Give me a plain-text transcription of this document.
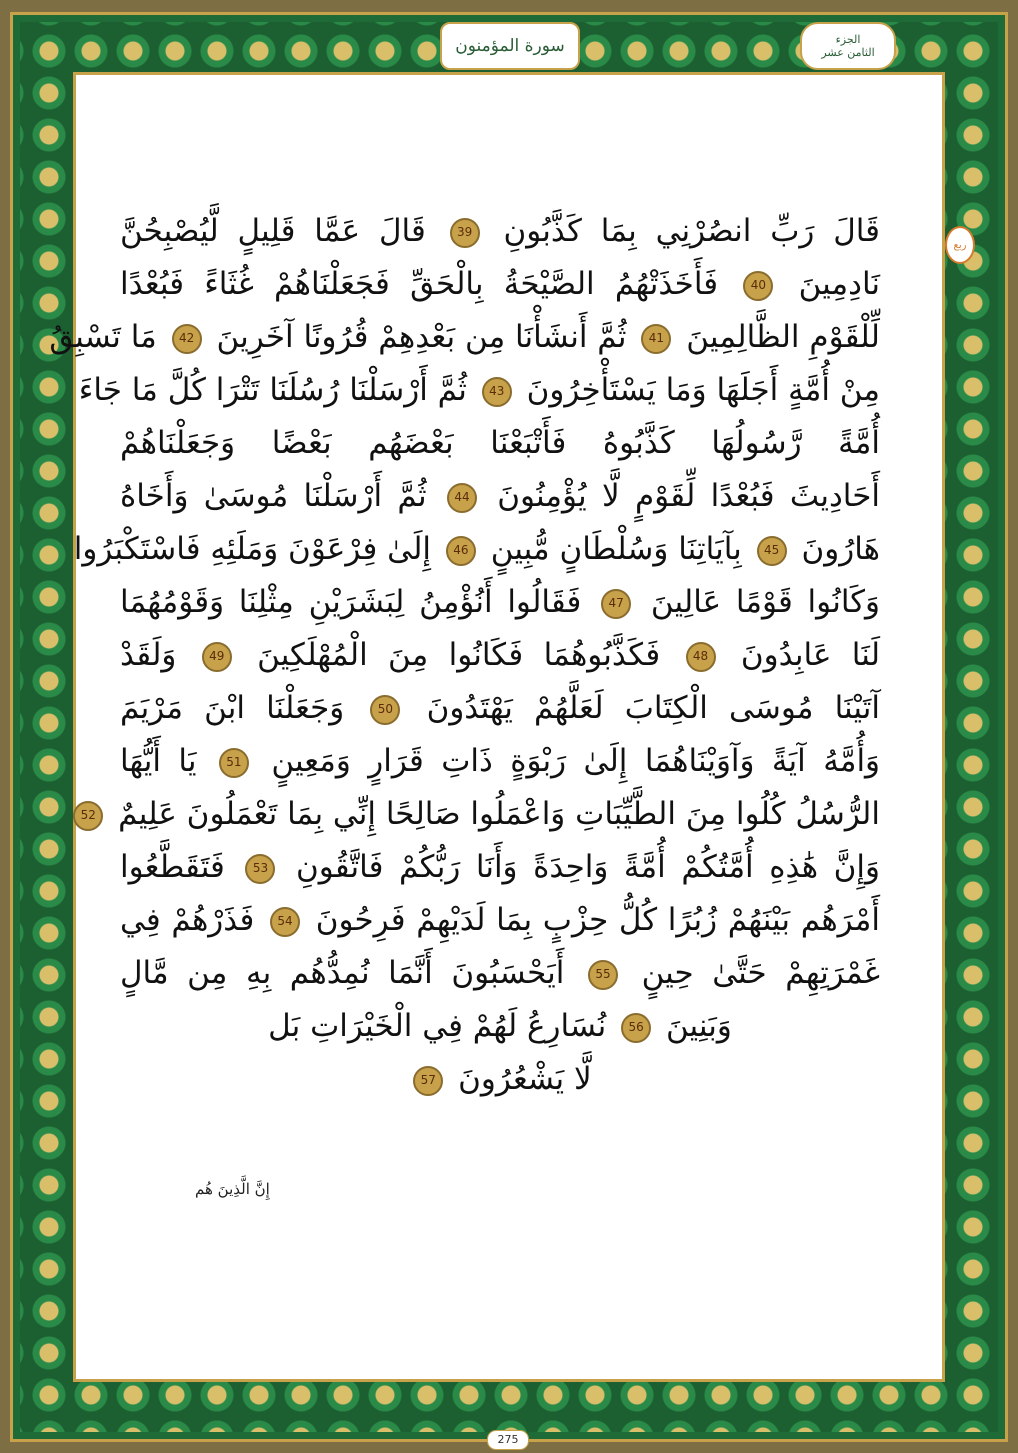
الجزء
الثامن عشر
سورة المؤمنون
ربع
قَالَ رَبِّ انصُرْنِي بِمَا كَذَّبُونِ 39 قَالَ عَمَّا قَلِيلٍ لَّيُصْبِحُنَّ
نَادِمِينَ 40 فَأَخَذَتْهُمُ الصَّيْحَةُ بِالْحَقِّ فَجَعَلْنَاهُمْ غُثَاءً فَبُعْدًا
لِّلْقَوْمِ الظَّالِمِينَ 41 ثُمَّ أَنشَأْنَا مِن بَعْدِهِمْ قُرُونًا آخَرِينَ 42 مَا تَسْبِقُ
مِنْ أُمَّةٍ أَجَلَهَا وَمَا يَسْتَأْخِرُونَ 43 ثُمَّ أَرْسَلْنَا رُسُلَنَا تَتْرَا كُلَّ مَا جَاءَ
أُمَّةً رَّسُولُهَا كَذَّبُوهُ فَأَتْبَعْنَا بَعْضَهُم بَعْضًا وَجَعَلْنَاهُمْ
أَحَادِيثَ فَبُعْدًا لِّقَوْمٍ لَّا يُؤْمِنُونَ 44 ثُمَّ أَرْسَلْنَا مُوسَىٰ وَأَخَاهُ
هَارُونَ 45 بِآيَاتِنَا وَسُلْطَانٍ مُّبِينٍ 46 إِلَىٰ فِرْعَوْنَ وَمَلَئِهِ فَاسْتَكْبَرُوا
وَكَانُوا قَوْمًا عَالِينَ 47 فَقَالُوا أَنُؤْمِنُ لِبَشَرَيْنِ مِثْلِنَا وَقَوْمُهُمَا
لَنَا عَابِدُونَ 48 فَكَذَّبُوهُمَا فَكَانُوا مِنَ الْمُهْلَكِينَ 49 وَلَقَدْ
آتَيْنَا مُوسَى الْكِتَابَ لَعَلَّهُمْ يَهْتَدُونَ 50 وَجَعَلْنَا ابْنَ مَرْيَمَ
وَأُمَّهُ آيَةً وَآوَيْنَاهُمَا إِلَىٰ رَبْوَةٍ ذَاتِ قَرَارٍ وَمَعِينٍ 51 يَا أَيُّهَا
الرُّسُلُ كُلُوا مِنَ الطَّيِّبَاتِ وَاعْمَلُوا صَالِحًا إِنِّي بِمَا تَعْمَلُونَ عَلِيمٌ 52
وَإِنَّ هَٰذِهِ أُمَّتُكُمْ أُمَّةً وَاحِدَةً وَأَنَا رَبُّكُمْ فَاتَّقُونِ 53 فَتَقَطَّعُوا
أَمْرَهُم بَيْنَهُمْ زُبُرًا كُلُّ حِزْبٍ بِمَا لَدَيْهِمْ فَرِحُونَ 54 فَذَرْهُمْ فِي
غَمْرَتِهِمْ حَتَّىٰ حِينٍ 55 أَيَحْسَبُونَ أَنَّمَا نُمِدُّهُم بِهِ مِن مَّالٍ
وَبَنِينَ 56 نُسَارِعُ لَهُمْ فِي الْخَيْرَاتِ بَل
لَّا يَشْعُرُونَ 57
إِنَّ الَّذِينَ هُم
275
